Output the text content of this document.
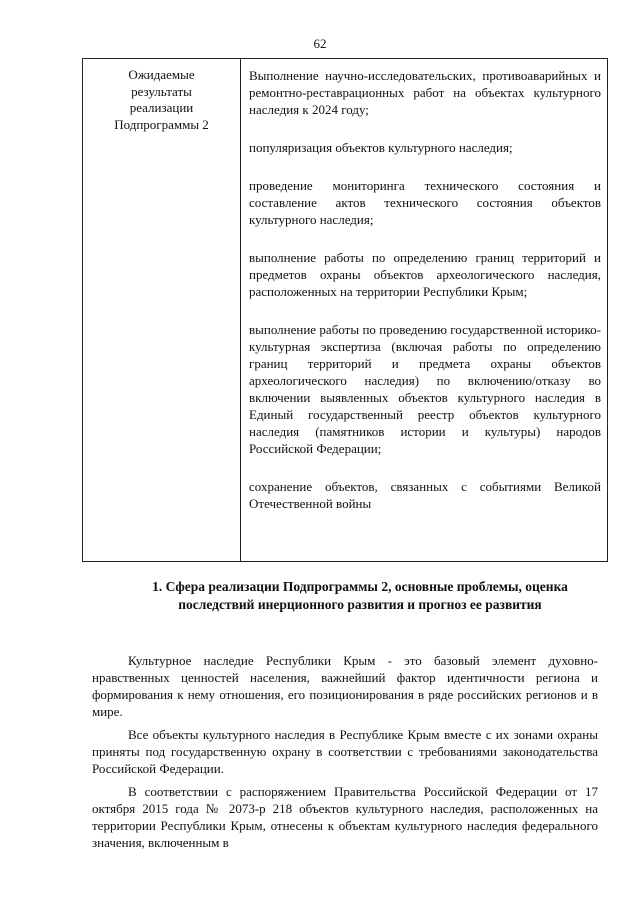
62
Ожидаемые
результаты
реализации
Подпрограммы 2

Выполнение научно-исследовательских, противоаварийных и ремонтно-реставрационных работ на объектах культурного наследия к 2024 году;

популяризация объектов культурного наследия;

проведение мониторинга технического состояния и составление актов технического состояния объектов культурного наследия;

выполнение работы по определению границ территорий и предметов охраны объектов археологического наследия, расположенных на территории Республики Крым;

выполнение работы по проведению государственной историко-культурная экспертиза (включая работы по определению границ территорий и предмета охраны объектов археологического наследия) по включению/отказу во включении выявленных объектов культурного наследия в Единый государственный реестр объектов культурного наследия (памятников истории и культуры) народов Российской Федерации;

сохранение объектов, связанных с событиями Великой Отечественной войны

1. Сфера реализации Подпрограммы 2, основные проблемы, оценка последствий инерционного развития и прогноз ее развития

Культурное наследие Республики Крым - это базовый элемент духовно-нравственных ценностей населения, важнейший фактор идентичности региона и формирования к нему отношения, его позиционирования в ряде российских регионов и в мире.

Все объекты культурного наследия в Республике Крым вместе с их зонами охраны приняты под государственную охрану в соответствии с требованиями законодательства Российской Федерации.

В соответствии с распоряжением Правительства Российской Федерации от 17 октября 2015 года № 2073-р 218 объектов культурного наследия, расположенных на территории Республики Крым, отнесены к объектам культурного наследия федерального значения, включенным в
